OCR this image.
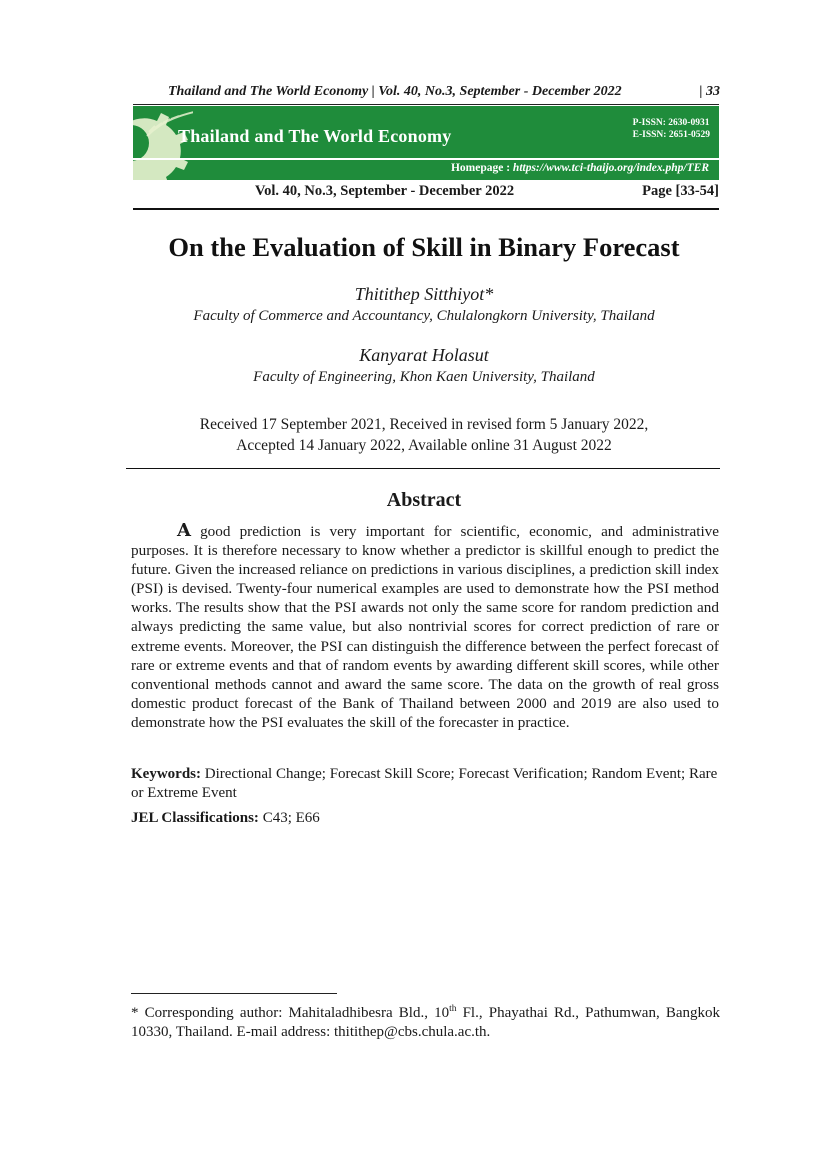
Thailand and The World Economy | Vol. 40, No.3, September - December 2022	| 33
Thailand and The World Economy
P-ISSN: 2630-0931
E-ISSN: 2651-0529
Homepage : https://www.tci-thaijo.org/index.php/TER
Vol. 40, No.3, September - December 2022	Page [33-54]
On the Evaluation of Skill in Binary Forecast
Thitithep Sitthiyot*
Faculty of Commerce and Accountancy, Chulalongkorn University, Thailand
Kanyarat Holasut
Faculty of Engineering, Khon Kaen University, Thailand
Received 17 September 2021, Received in revised form 5 January 2022,
Accepted 14 January 2022, Available online 31 August 2022
Abstract
A good prediction is very important for scientific, economic, and administrative purposes. It is therefore necessary to know whether a predictor is skillful enough to predict the future. Given the increased reliance on predictions in various disciplines, a prediction skill index (PSI) is devised. Twenty-four numerical examples are used to demonstrate how the PSI method works. The results show that the PSI awards not only the same score for random prediction and always predicting the same value, but also nontrivial scores for correct prediction of rare or extreme events. Moreover, the PSI can distinguish the difference between the perfect forecast of rare or extreme events and that of random events by awarding different skill scores, while other conventional methods cannot and award the same score. The data on the growth of real gross domestic product forecast of the Bank of Thailand between 2000 and 2019 are also used to demonstrate how the PSI evaluates the skill of the forecaster in practice.
Keywords: Directional Change; Forecast Skill Score; Forecast Verification; Random Event; Rare or Extreme Event
JEL Classifications: C43; E66
* Corresponding author: Mahitaladhibesra Bld., 10th Fl., Phayathai Rd., Pathumwan, Bangkok 10330, Thailand. E-mail address: thitithep@cbs.chula.ac.th.
